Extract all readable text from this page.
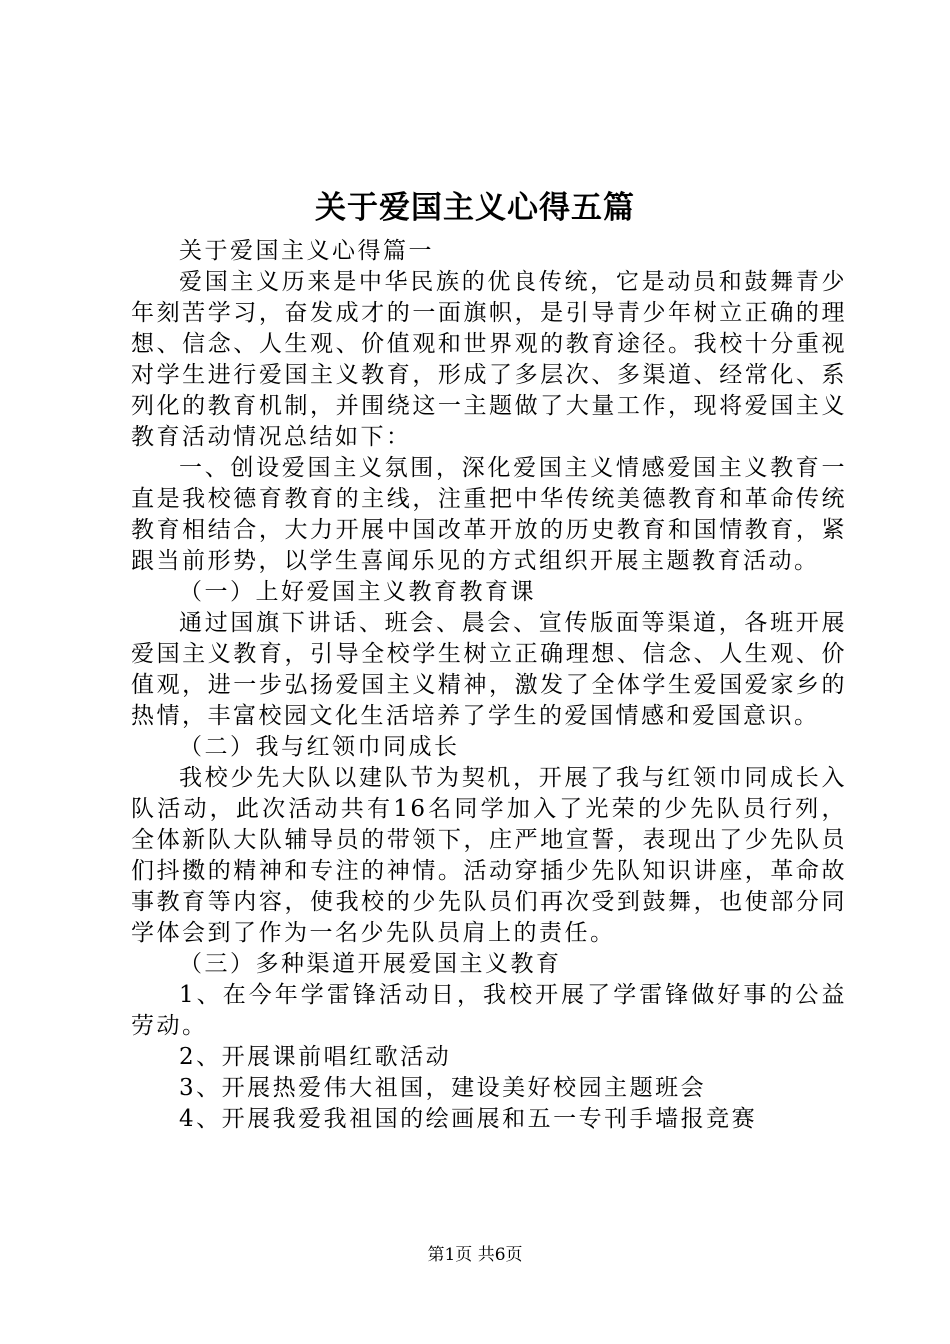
关于爱国主义心得五篇

关于爱国主义心得篇一

爱国主义历来是中华民族的优良传统，它是动员和鼓舞青少年刻苦学习，奋发成才的一面旗帜，是引导青少年树立正确的理想、信念、人生观、价值观和世界观的教育途径。我校十分重视对学生进行爱国主义教育，形成了多层次、多渠道、经常化、系列化的教育机制，并围绕这一主题做了大量工作，现将爱国主义教育活动情况总结如下：

一、创设爱国主义氛围，深化爱国主义情感爱国主义教育一直是我校德育教育的主线，注重把中华传统美德教育和革命传统教育相结合，大力开展中国改革开放的历史教育和国情教育，紧跟当前形势，以学生喜闻乐见的方式组织开展主题教育活动。

（一）上好爱国主义教育教育课

通过国旗下讲话、班会、晨会、宣传版面等渠道，各班开展爱国主义教育，引导全校学生树立正确理想、信念、人生观、价值观，进一步弘扬爱国主义精神，激发了全体学生爱国爱家乡的热情，丰富校园文化生活培养了学生的爱国情感和爱国意识。

（二）我与红领巾同成长

我校少先大队以建队节为契机，开展了我与红领巾同成长入队活动，此次活动共有16名同学加入了光荣的少先队员行列，全体新队大队辅导员的带领下，庄严地宣誓，表现出了少先队员们抖擞的精神和专注的神情。活动穿插少先队知识讲座，革命故事教育等内容，使我校的少先队员们再次受到鼓舞，也使部分同学体会到了作为一名少先队员肩上的责任。

（三）多种渠道开展爱国主义教育

1、在今年学雷锋活动日，我校开展了学雷锋做好事的公益劳动。

2、开展课前唱红歌活动

3、开展热爱伟大祖国，建设美好校园主题班会

4、开展我爱我祖国的绘画展和五一专刊手墙报竞赛

第1页 共6页
